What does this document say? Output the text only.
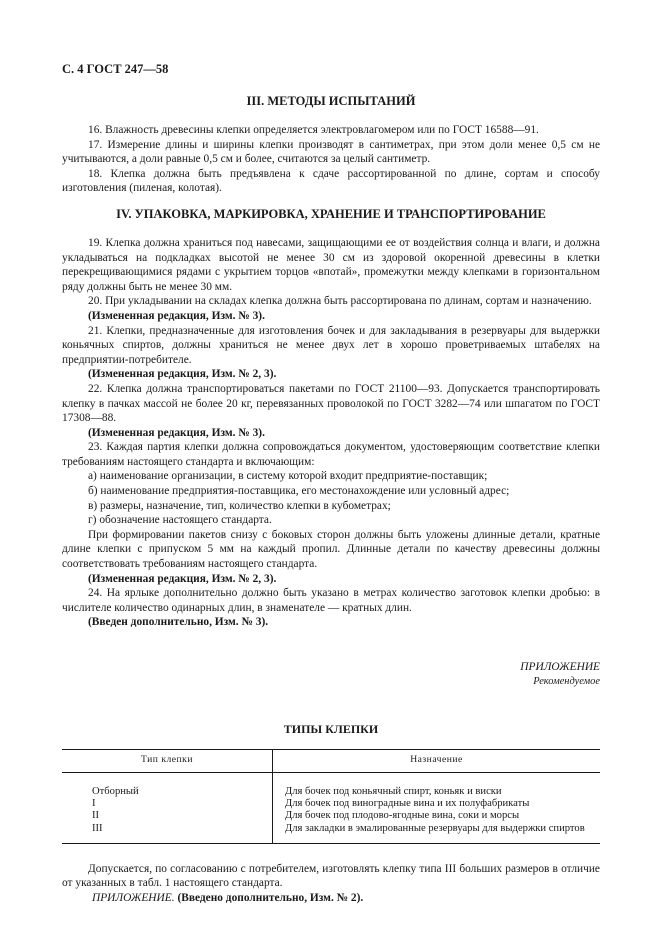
С. 4 ГОСТ 247—58
III. МЕТОДЫ ИСПЫТАНИЙ

16. Влажность древесины клепки определяется электровлагомером или по ГОСТ 16588—91.

17. Измерение длины и ширины клепки производят в сантиметрах, при этом доли менее 0,5 см не учитываются, а доли равные 0,5 см и более, считаются за целый сантиметр.

18. Клепка должна быть предъявлена к сдаче рассортированной по длине, сортам и способу изготовления (пиленая, колотая).

IV. УПАКОВКА, МАРКИРОВКА, ХРАНЕНИЕ И ТРАНСПОРТИРОВАНИЕ

19. Клепка должна храниться под навесами, защищающими ее от воздействия солнца и влаги, и должна укладываться на подкладках высотой не менее 30 см из здоровой окоренной древесины в клетки перекрещивающимися рядами с укрытием торцов «впотай», промежутки между клепками в горизонтальном ряду должны быть не менее 30 мм.

20. При укладывании на складах клепка должна быть рассортирована по длинам, сортам и назначению.

(Измененная редакция, Изм. № 3).

21. Клепки, предназначенные для изготовления бочек и для закладывания в резервуары для выдержки коньячных спиртов, должны храниться не менее двух лет в хорошо проветриваемых штабелях на предприятии-потребителе.

(Измененная редакция, Изм. № 2, 3).

22. Клепка должна транспортироваться пакетами по ГОСТ 21100—93. Допускается транспортировать клепку в пачках массой не более 20 кг, перевязанных проволокой по ГОСТ 3282—74 или шпагатом по ГОСТ 17308—88.

(Измененная редакция, Изм. № 3).

23. Каждая партия клепки должна сопровождаться документом, удостоверяющим соответствие клепки требованиям настоящего стандарта и включающим:

а) наименование организации, в систему которой входит предприятие-поставщик;

б) наименование предприятия-поставщика, его местонахождение или условный адрес;

в) размеры, назначение, тип, количество клепки в кубометрах;

г) обозначение настоящего стандарта.

При формировании пакетов снизу с боковых сторон должны быть уложены длинные детали, кратные длине клепки с припуском 5 мм на каждый пропил. Длинные детали по качеству древесины должны соответствовать требованиям настоящего стандарта.

(Измененная редакция, Изм. № 2, 3).

24. На ярлыке дополнительно должно быть указано в метрах количество заготовок клепки дробью: в числителе количество одинарных длин, в знаменателе — кратных длин.

(Введен дополнительно, Изм. № 3).

ПРИЛОЖЕНИЕ
Рекомендуемое
ТИПЫ КЛЕПКИ
Тип клепки	Назначение
Отборный	Для бочек под коньячный спирт, коньяк и виски
I	Для бочек под виноградные вина и их полуфабрикаты
II	Для бочек под плодово-ягодные вина, соки и морсы
III	Для закладки в эмалированные резервуары для выдержки спиртов

Допускается, по согласованию с потребителем, изготовлять клепку типа III больших размеров в отличие от указанных в табл. 1 настоящего стандарта.

ПРИЛОЖЕНИЕ. (Введено дополнительно, Изм. № 2).
